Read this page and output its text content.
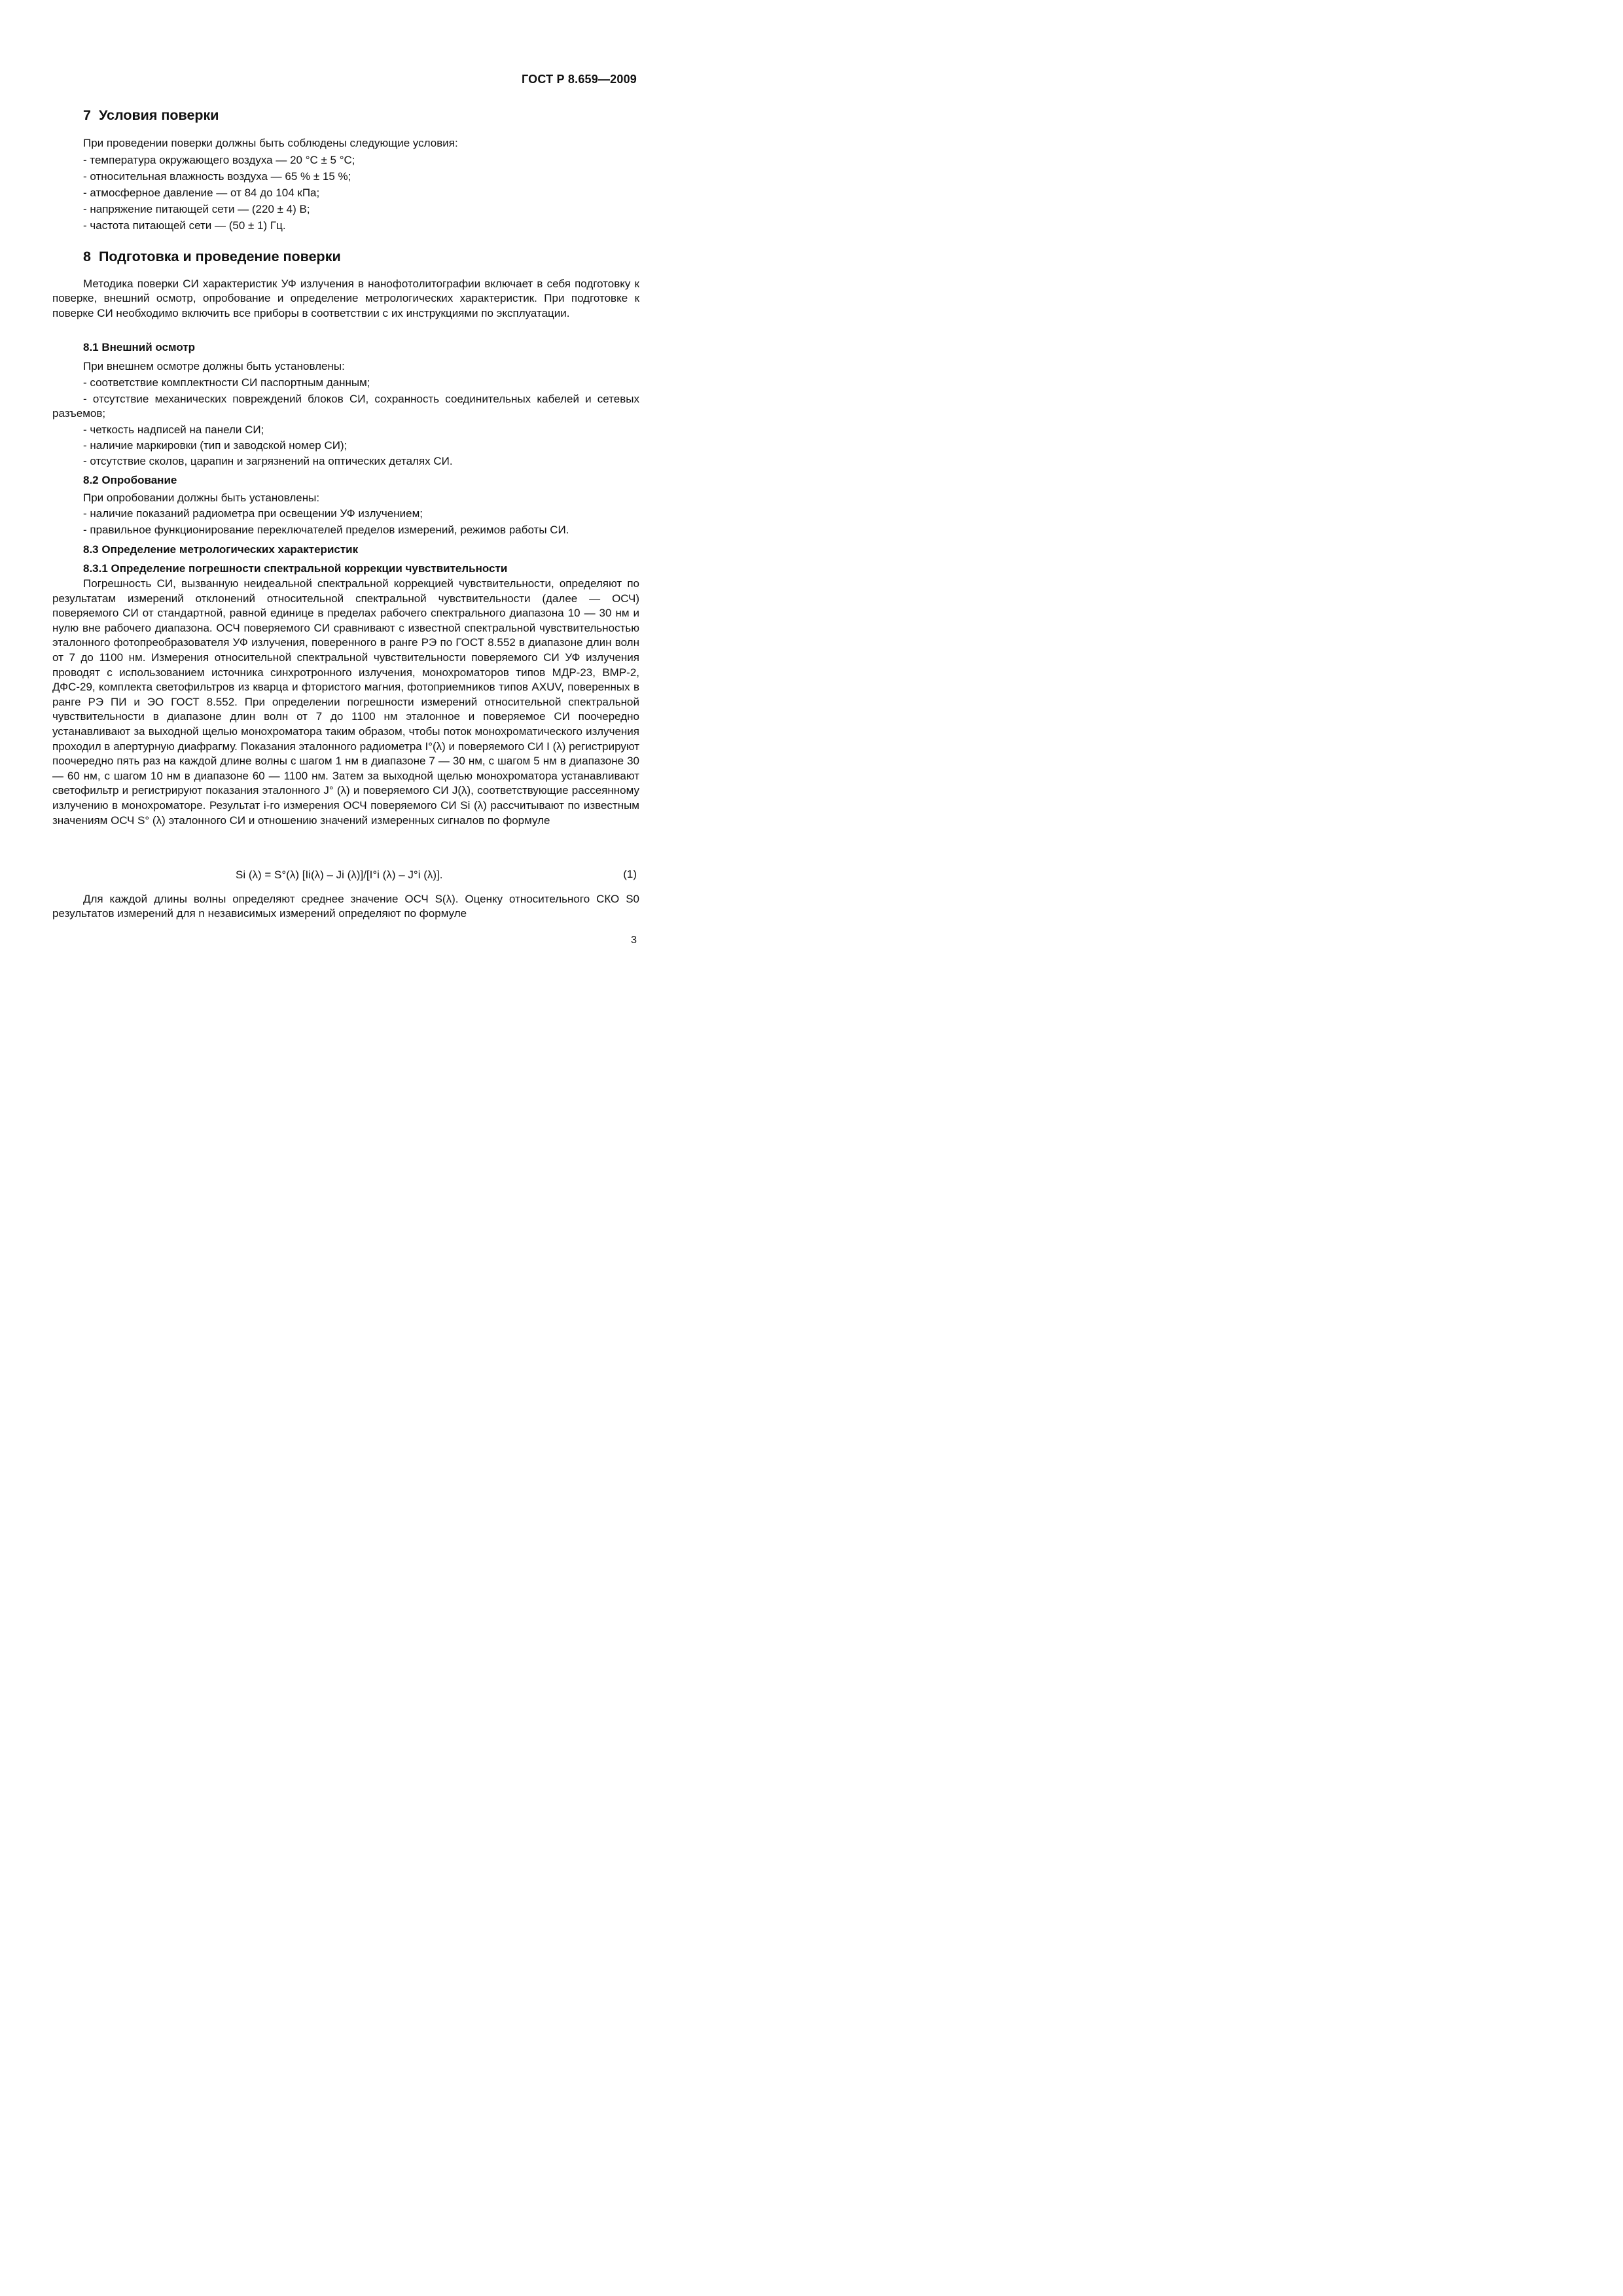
ГОСТ Р 8.659—2009
7 Условия поверки
При проведении поверки должны быть соблюдены следующие условия:
- температура окружающего воздуха — 20 °С ± 5 °С;
- относительная влажность воздуха — 65 % ± 15 %;
- атмосферное давление — от 84 до 104 кПа;
- напряжение питающей сети — (220 ± 4) В;
- частота питающей сети — (50 ± 1) Гц.
8 Подготовка и проведение поверки

Методика поверки СИ характеристик УФ излучения в нанофотолитографии включает в себя подготовку к поверке, внешний осмотр, опробование и определение метрологических характеристик. При подготовке к поверке СИ необходимо включить все приборы в соответствии с их инструкциями по эксплуатации.

8.1 Внешний осмотр
При внешнем осмотре должны быть установлены:
- соответствие комплектности СИ паспортным данным;

- отсутствие механических повреждений блоков СИ, сохранность соединительных кабелей и сетевых разъемов;

- четкость надписей на панели СИ;
- наличие маркировки (тип и заводской номер СИ);
- отсутствие сколов, царапин и загрязнений на оптических деталях СИ.
8.2 Опробование
При опробовании должны быть установлены:
- наличие показаний радиометра при освещении УФ излучением;
- правильное функционирование переключателей пределов измерений, режимов работы СИ.
8.3 Определение метрологических характеристик
8.3.1 Определение погрешности спектральной коррекции чувствительности

Погрешность СИ, вызванную неидеальной спектральной коррекцией чувствительности, определяют по результатам измерений отклонений относительной спектральной чувствительности (далее — ОСЧ) поверяемого СИ от стандартной, равной единице в пределах рабочего спектрального диапазона 10 — 30 нм и нулю вне рабочего диапазона. ОСЧ поверяемого СИ сравнивают с известной спектральной чувствительностью эталонного фотопреобразователя УФ излучения, поверенного в ранге РЭ по ГОСТ 8.552 в диапазоне длин волн от 7 до 1100 нм. Измерения относительной спектральной чувствительности поверяемого СИ УФ излучения проводят с использованием источника синхротронного излучения, монохроматоров типов МДР-23, ВМР-2, ДФС-29, комплекта светофильтров из кварца и фтористого магния, фотоприемников типов AXUV, поверенных в ранге РЭ ПИ и ЭО ГОСТ 8.552. При определении погрешности измерений относительной спектральной чувствительности в диапазоне длин волн от 7 до 1100 нм эталонное и поверяемое СИ поочередно устанавливают за выходной щелью монохроматора таким образом, чтобы поток монохроматического излучения проходил в апертурную диафрагму. Показания эталонного радиометра I°(λ) и поверяемого СИ I (λ) регистрируют поочередно пять раз на каждой длине волны с шагом 1 нм в диапазоне 7 — 30 нм, с шагом 5 нм в диапазоне 30 — 60 нм, с шагом 10 нм в диапазоне 60 — 1100 нм. Затем за выходной щелью монохроматора устанавливают светофильтр и регистрируют показания эталонного J° (λ) и поверяемого СИ J(λ), соответствующие рассеянному излучению в монохроматоре. Результат i-го измерения ОСЧ поверяемого СИ Si (λ) рассчитывают по известным значениям ОСЧ S° (λ) эталонного СИ и отношению значений измеренных сигналов по формуле

Si (λ) = S°(λ) [Ii(λ) – Ji (λ)]/[I°i (λ) – J°i (λ)].	(1)

Для каждой длины волны определяют среднее значение ОСЧ S(λ). Оценку относительного СКО S0 результатов измерений для n независимых измерений определяют по формуле

3
